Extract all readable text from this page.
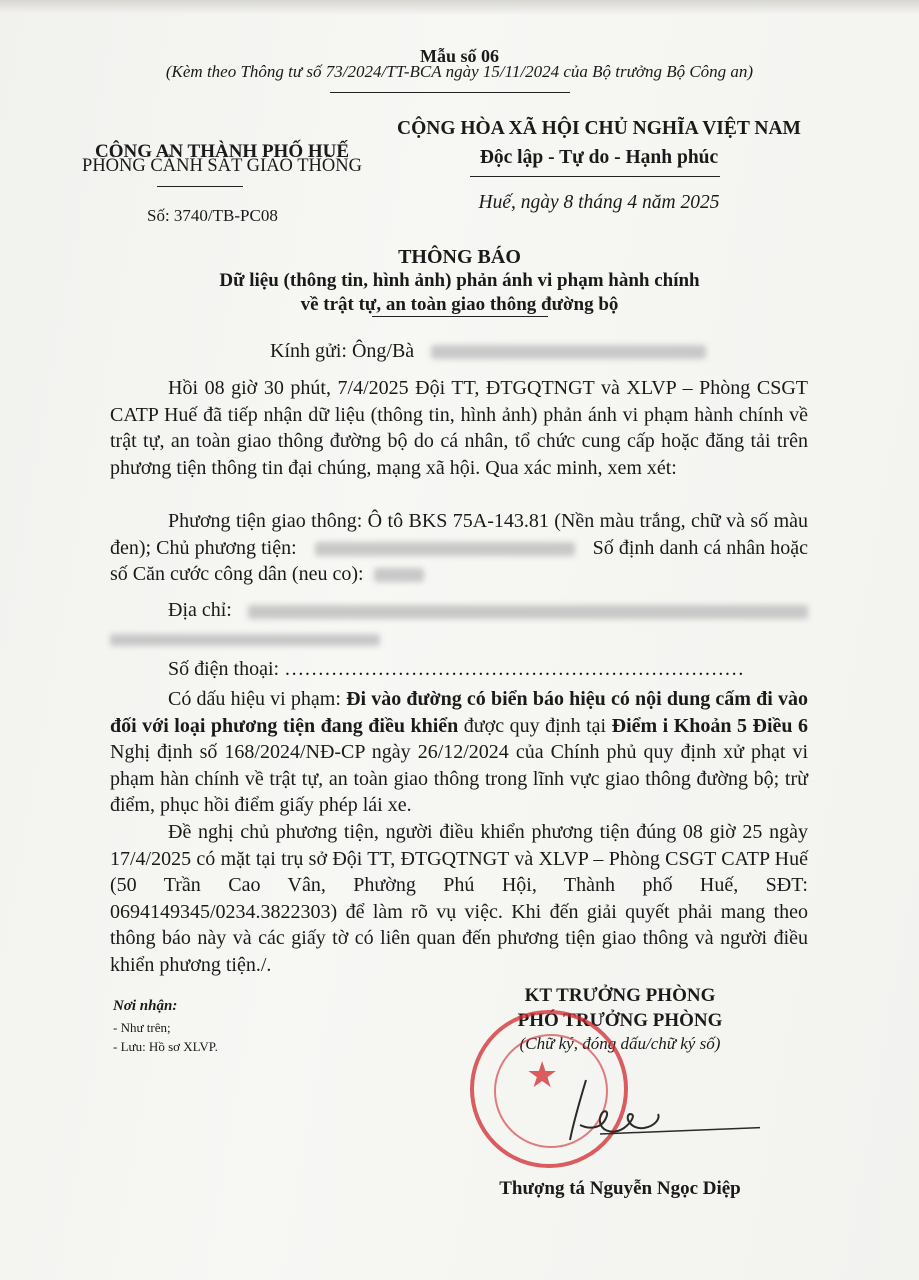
Mẫu số 06
(Kèm theo Thông tư số 73/2024/TT-BCA ngày 15/11/2024 của Bộ trưởng Bộ Công an)
CÔNG AN THÀNH PHỐ HUẾ
PHÒNG CẢNH SÁT GIAO THÔNG
Số: 3740/TB-PC08
CỘNG HÒA XÃ HỘI CHỦ NGHĨA VIỆT NAM
Độc lập - Tự do - Hạnh phúc
Huế, ngày 8 tháng 4 năm 2025
THÔNG BÁO
Dữ liệu (thông tin, hình ảnh) phản ánh vi phạm hành chính
về trật tự, an toàn giao thông đường bộ
Kính gửi: Ông/Bà

Hồi 08 giờ 30 phút, 7/4/2025 Đội TT, ĐTGQTNGT và XLVP – Phòng CSGT CATP Huế đã tiếp nhận dữ liệu (thông tin, hình ảnh) phản ánh vi phạm hành chính về trật tự, an toàn giao thông đường bộ do cá nhân, tổ chức cung cấp hoặc đăng tải trên phương tiện thông tin đại chúng, mạng xã hội. Qua xác minh, xem xét:

Phương tiện giao thông: Ô tô BKS 75A-143.81 (Nền màu trắng, chữ và số màu đen); Chủ phương tiện:	Số định danh cá nhân hoặc số Căn cước công dân (neu co):

Địa chỉ:
Số điện thoại: ……………………………………………………………

Có dấu hiệu vi phạm: Đi vào đường có biển báo hiệu có nội dung cấm đi vào đối với loại phương tiện đang điều khiển được quy định tại Điểm i Khoản 5 Điều 6 Nghị định số 168/2024/NĐ-CP ngày 26/12/2024 của Chính phủ quy định xử phạt vi phạm hàn chính về trật tự, an toàn giao thông trong lĩnh vực giao thông đường bộ; trừ điểm, phục hồi điểm giấy phép lái xe.

Đề nghị chủ phương tiện, người điều khiển phương tiện đúng 08 giờ 25 ngày 17/4/2025 có mặt tại trụ sở Đội TT, ĐTGQTNGT và XLVP – Phòng CSGT CATP Huế (50 Trần Cao Vân, Phường Phú Hội, Thành phố Huế, SĐT: 0694149345/0234.3822303) để làm rõ vụ việc. Khi đến giải quyết phải mang theo thông báo này và các giấy tờ có liên quan đến phương tiện giao thông và người điều khiển phương tiện./.

Nơi nhận:
- Như trên;
- Lưu: Hồ sơ XLVP.
KT TRƯỞNG PHÒNG
PHÓ TRƯỞNG PHÒNG
(Chữ ký, đóng dấu/chữ ký số)
★
Thượng tá Nguyễn Ngọc Diệp
